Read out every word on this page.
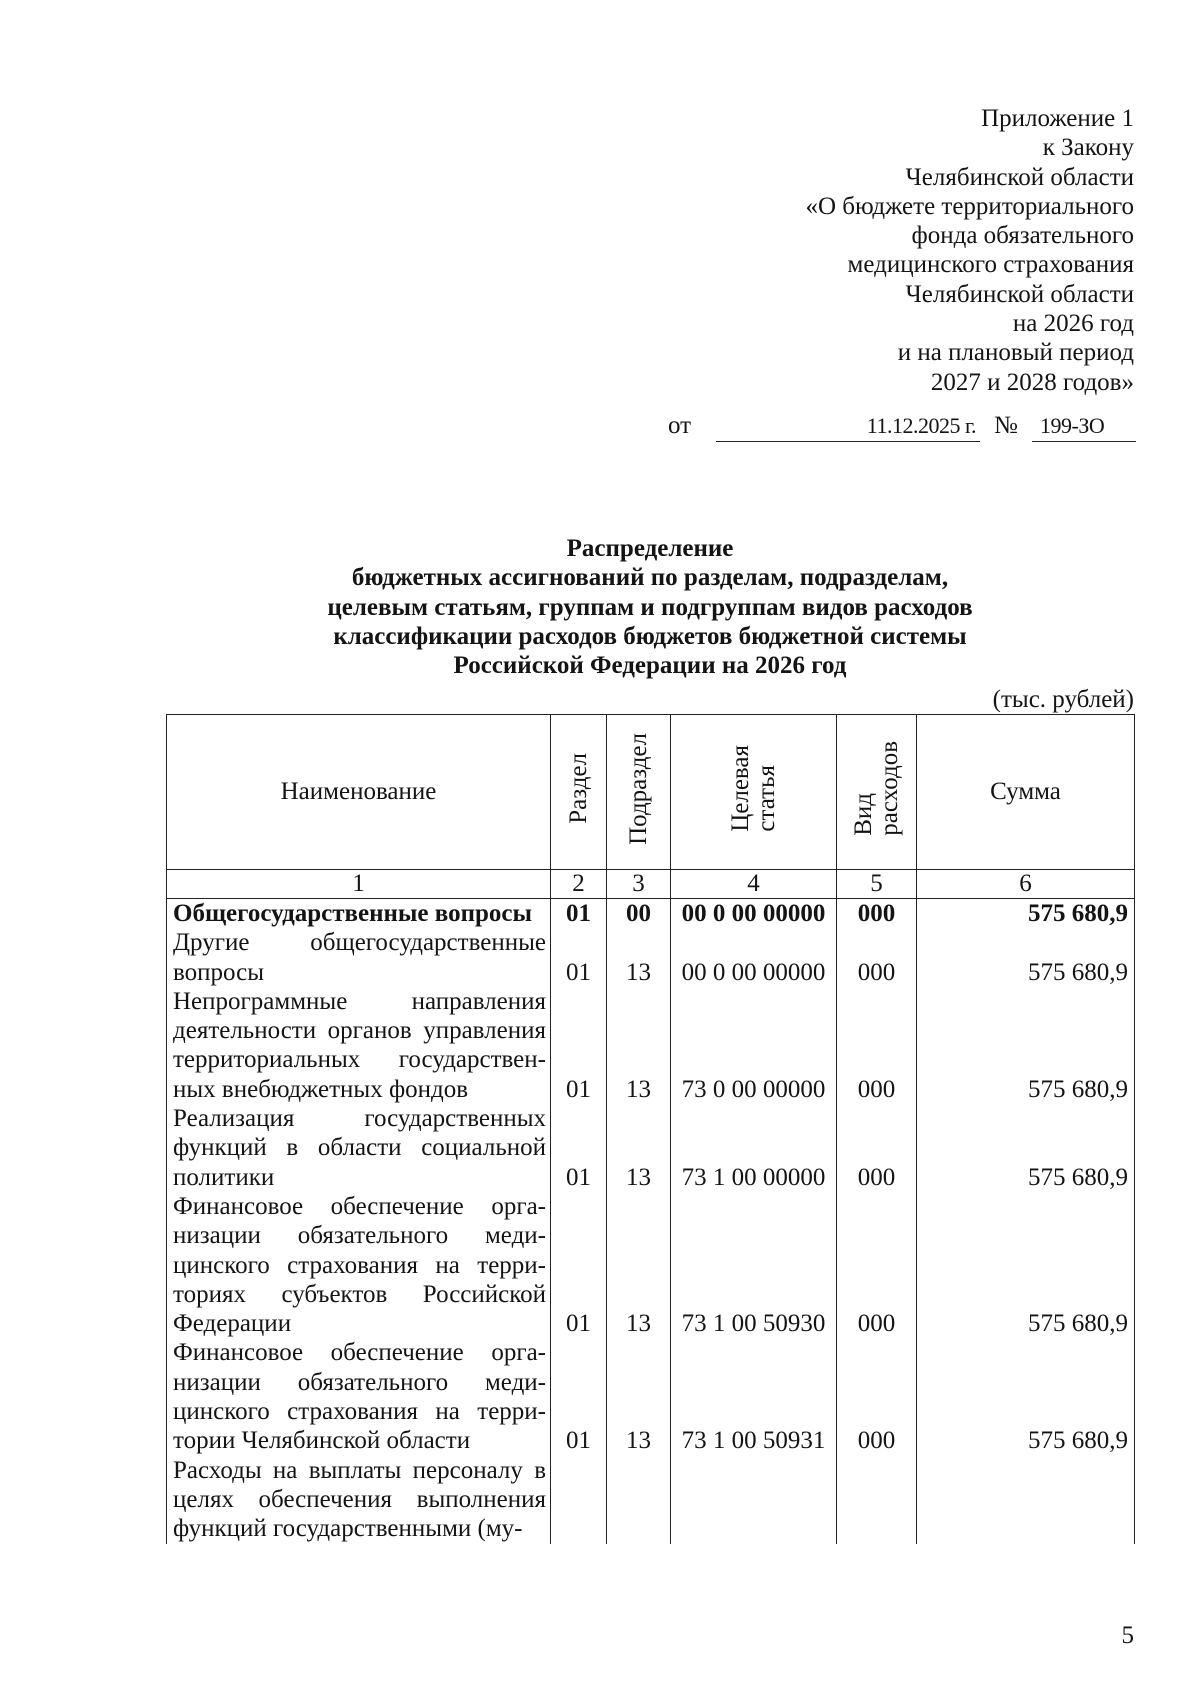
Приложение 1
к Закону
Челябинской области
«О бюджете территориального
фонда обязательного
медицинского страхования
Челябинской области
на 2026 год
и на плановый период
2027 и 2028 годов»
от	11.12.2025 г. № 199-ЗО
Распределение
бюджетных ассигнований по разделам, подразделам,
целевым статьям, группам и подгруппам видов расходов
классификации расходов бюджетов бюджетной системы
Российской Федерации на 2026 год
(тыс. рублей)
Наименование	Раздел	Подраздел	Целеваястатья	Видрасходов	Сумма
1	2	3	4	5	6
Общегосударственные вопросы	01	00	00 0 00 00000	000	575 680,9
Другие общегосударственные вопросы	01	13	00 0 00 00000	000	575 680,9
Непрограммные направления деятельности органов управления территориальных государственных внебюджетных фондов	01	13	73 0 00 00000	000	575 680,9
Реализация государственных функций в области социальной политики	01	13	73 1 00 00000	000	575 680,9
Финансовое обеспечение организации обязательного медицинского страхования на территориях субъектов Российской Федерации	01	13	73 1 00 50930	000	575 680,9
Финансовое обеспечение организации обязательного медицинского страхования на территории Челябинской области	01	13	73 1 00 50931	000	575 680,9
Расходы на выплаты персоналу в целях обеспечения выполнения функций государственными (му-					
5
